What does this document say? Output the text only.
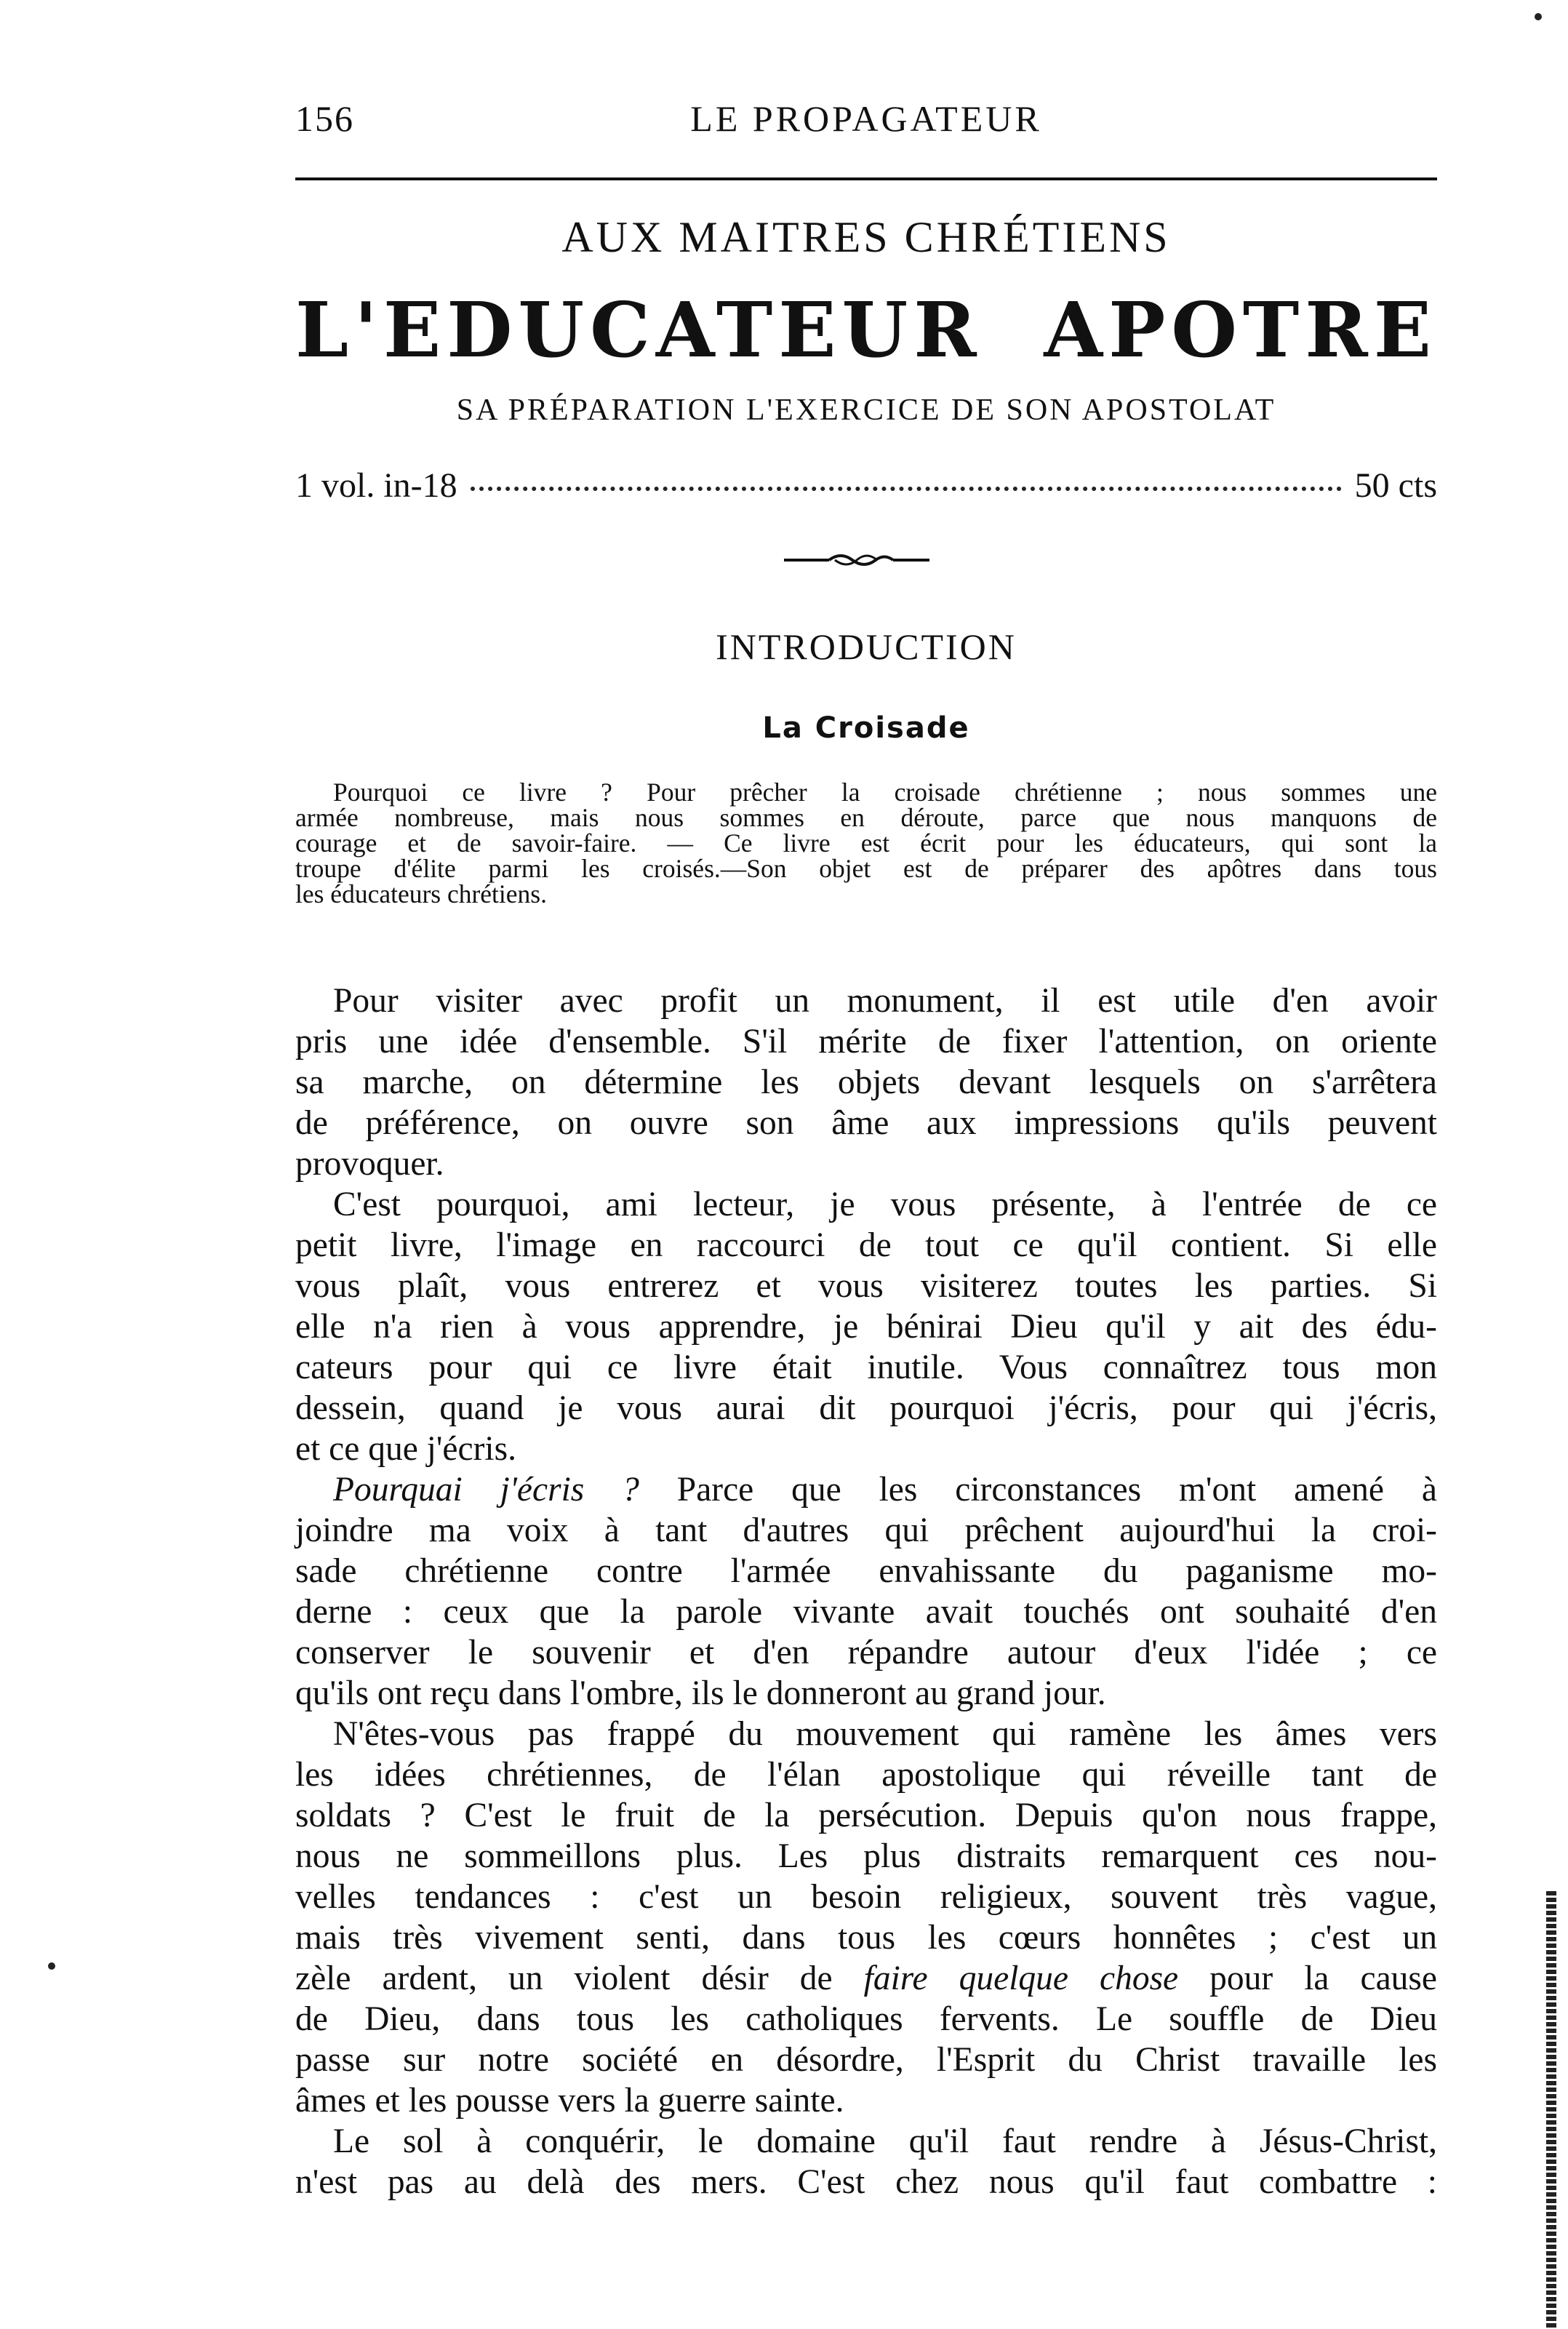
156	LE PROPAGATEUR
AUX MAITRES CHRÉTIENS
L'EDUCATEUR APOTRE
SA PRÉPARATION L'EXERCICE DE SON APOSTOLAT
1 vol. in-18	50 cts
INTRODUCTION
La Croisade
Pourquoi ce livre ? Pour prêcher la croisade chrétienne ; nous sommes une
armée nombreuse, mais nous sommes en déroute, parce que nous manquons de
courage et de savoir-faire. — Ce livre est écrit pour les éducateurs, qui sont la
troupe d'élite parmi les croisés.—Son objet est de préparer des apôtres dans tous
les éducateurs chrétiens.
Pour visiter avec profit un monument, il est utile d'en avoir
pris une idée d'ensemble. S'il mérite de fixer l'attention, on oriente
sa marche, on détermine les objets devant lesquels on s'arrêtera
de préférence, on ouvre son âme aux impressions qu'ils peuvent
provoquer.
C'est pourquoi, ami lecteur, je vous présente, à l'entrée de ce
petit livre, l'image en raccourci de tout ce qu'il contient. Si elle
vous plaît, vous entrerez et vous visiterez toutes les parties. Si
elle n'a rien à vous apprendre, je bénirai Dieu qu'il y ait des édu-
cateurs pour qui ce livre était inutile. Vous connaîtrez tous mon
dessein, quand je vous aurai dit pourquoi j'écris, pour qui j'écris,
et ce que j'écris.
Pourquai j'écris ? Parce que les circonstances m'ont amené à
joindre ma voix à tant d'autres qui prêchent aujourd'hui la croi-
sade chrétienne contre l'armée envahissante du paganisme mo-
derne : ceux que la parole vivante avait touchés ont souhaité d'en
conserver le souvenir et d'en répandre autour d'eux l'idée ; ce
qu'ils ont reçu dans l'ombre, ils le donneront au grand jour.
N'êtes-vous pas frappé du mouvement qui ramène les âmes vers
les idées chrétiennes, de l'élan apostolique qui réveille tant de
soldats ? C'est le fruit de la persécution. Depuis qu'on nous frappe,
nous ne sommeillons plus. Les plus distraits remarquent ces nou-
velles tendances : c'est un besoin religieux, souvent très vague,
mais très vivement senti, dans tous les cœurs honnêtes ; c'est un
zèle ardent, un violent désir de faire quelque chose pour la cause
de Dieu, dans tous les catholiques fervents. Le souffle de Dieu
passe sur notre société en désordre, l'Esprit du Christ travaille les
âmes et les pousse vers la guerre sainte.
Le sol à conquérir, le domaine qu'il faut rendre à Jésus-Christ,
n'est pas au delà des mers. C'est chez nous qu'il faut combattre :
